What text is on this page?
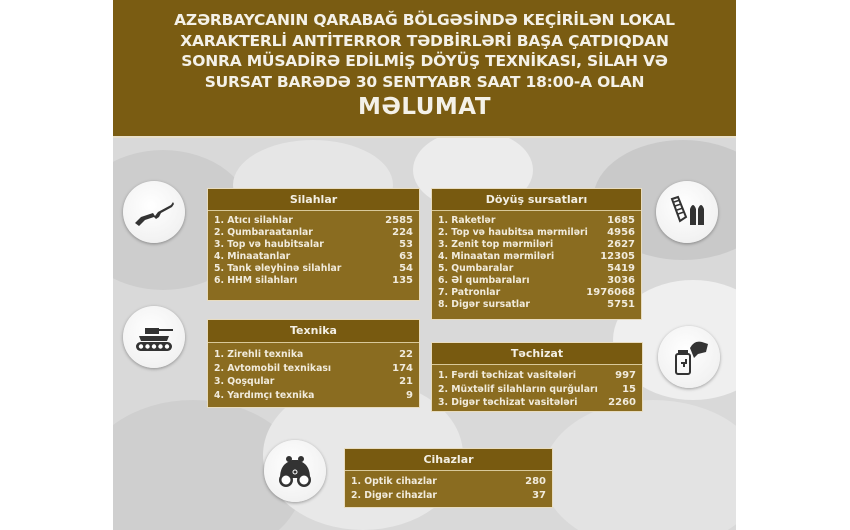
AZƏRBAYCANIN QARABAĞ BÖLGƏSİNDƏ KEÇİRİLƏN LOKAL
XARAKTERLİ ANTİTERROR TƏDBİRLƏRİ BAŞA ÇATDIQDAN
SONRA MÜSADİRƏ EDİLMİŞ DÖYÜŞ TEXNİKASI, SİLAH VƏ
SURSAT BARƏDƏ 30 SENTYABR SAAT 18:00-A OLAN
MƏLUMAT
Silahlar
1. Atıcı silahlar	2585
2. Qumbaraatanlar	224
3. Top və haubitsalar	53
4. Minaatanlar	63
5. Tank əleyhinə silahlar	54
6. HHM silahları	135
Döyüş sursatları
1. Raketlər	1685
2. Top və haubitsa mərmiləri 4956
3. Zenit top mərmiləri	2627
4. Minaatan mərmiləri	12305
5. Qumbaralar	5419
6. Əl qumbaraları	3036
7. Patronlar	1976068
8. Digər sursatlar	5751
Texnika
1. Zirehli texnika	22
2. Avtomobil texnikası	174
3. Qoşqular	21
4. Yardımçı texnika	9
Təchizat
1. Fərdi təchizat vasitələri	997
2. Müxtəlif silahların qurğuları 15
3. Digər təchizat vasitələri	2260
Cihazlar
1. Optik cihazlar	280
2. Digər cihazlar	37
